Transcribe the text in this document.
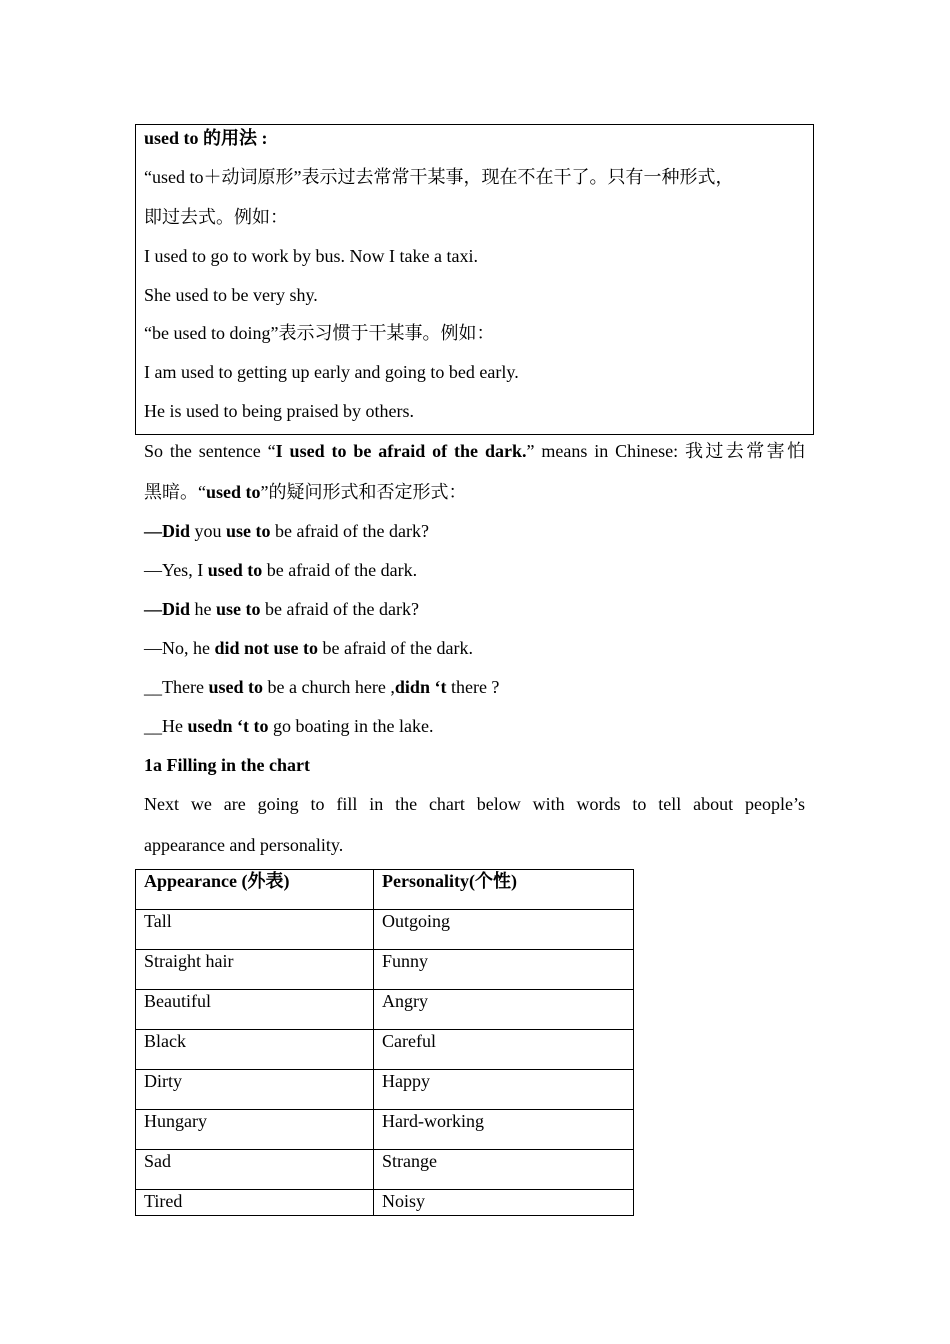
used to 的用法 :
“used to＋动词原形”表示过去常常干某事，现在不在干了。只有一种形式，
即过去式。例如：
I used to go to work by bus. Now I take a taxi.
She used to be very shy.
“be used to doing”表示习惯于干某事。例如：
I am used to getting up early and going to bed early.
He is used to being praised by others.
So the sentence “I used to be afraid of the dark.” means in Chinese: 我过去常害怕
黑暗。“used to”的疑问形式和否定形式：
—Did you use to be afraid of the dark?
—Yes, I used to be afraid of the dark.
—Did he use to be afraid of the dark?
—No, he did not use to be afraid of the dark.
__There used to be a church here ,didn ‘t there ?
__He usedn ‘t to go boating in the lake.
1a Filling in the chart
Next we are going to fill in the chart below with words to tell about people’s
appearance and personality.
Appearance (外表)	Personality(个性)
Tall	Outgoing
Straight hair	Funny
Beautiful	Angry
Black	Careful
Dirty	Happy
Hungary	Hard-working
Sad	Strange
Tired	Noisy
